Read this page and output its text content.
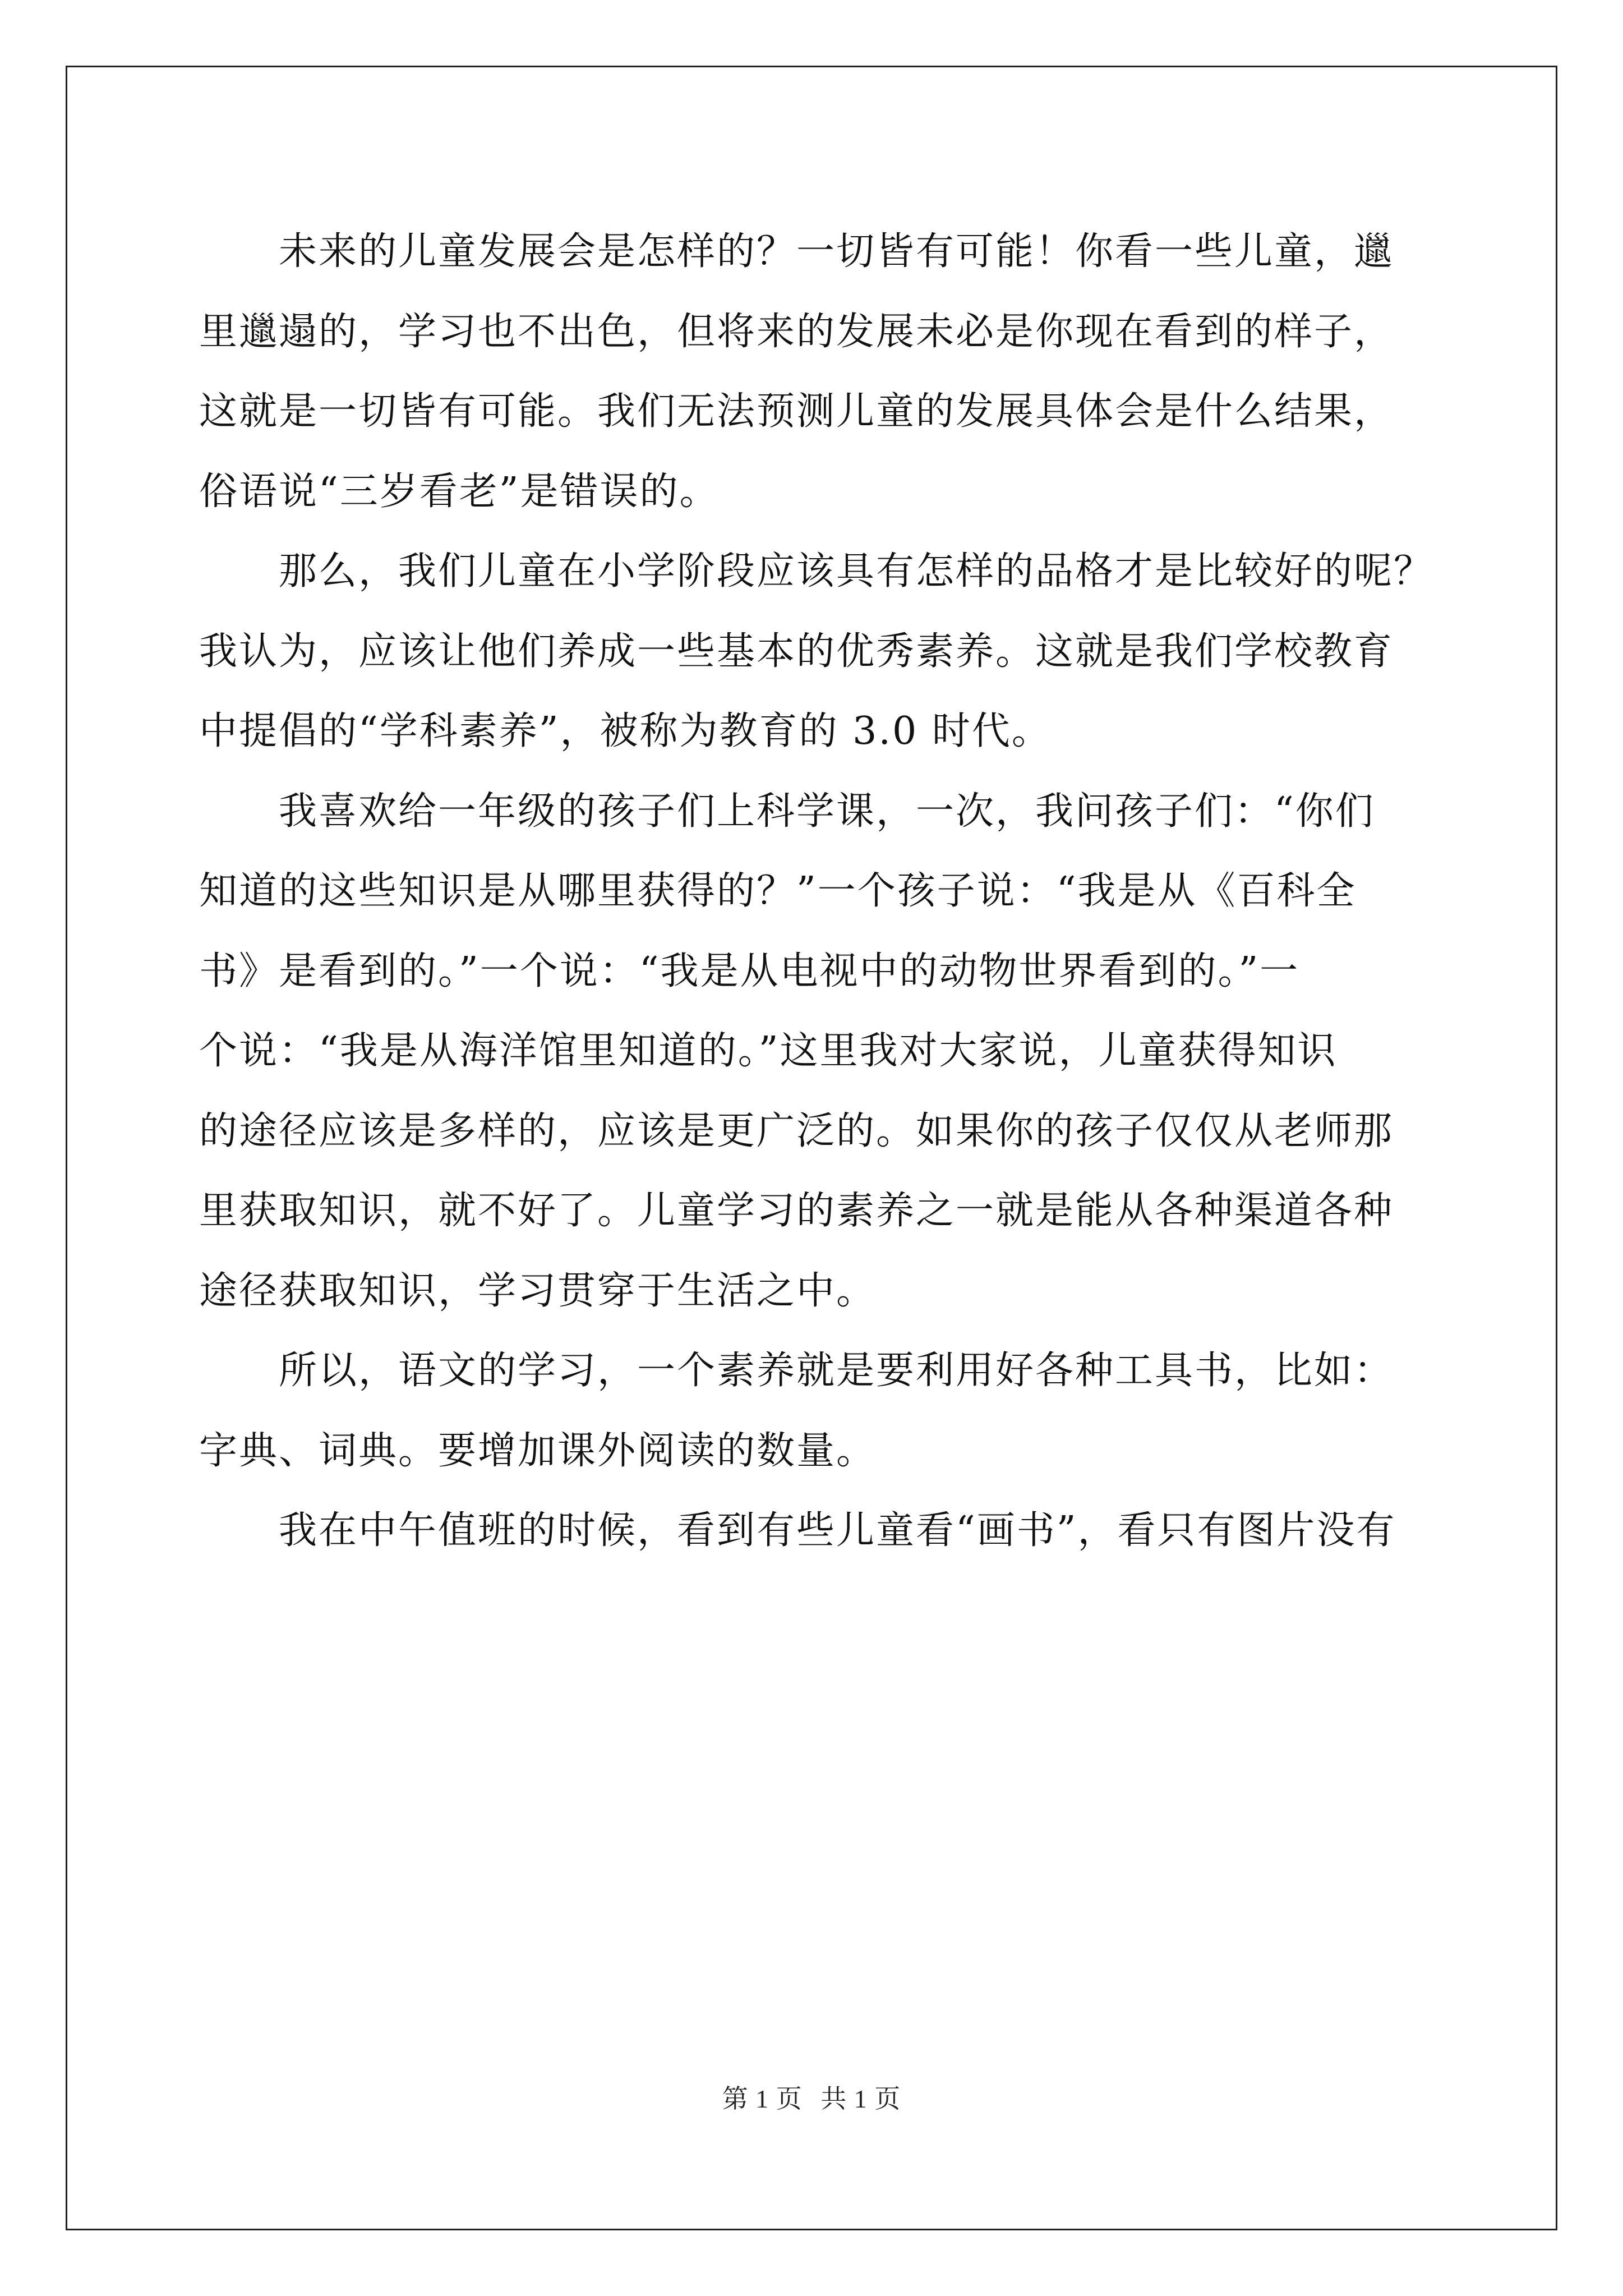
　　未来的儿童发展会是怎样的？一切皆有可能！你看一些儿童，邋
里邋遢的，学习也不出色，但将来的发展未必是你现在看到的样子，
这就是一切皆有可能。我们无法预测儿童的发展具体会是什么结果，
俗语说“三岁看老”是错误的。
　　那么，我们儿童在小学阶段应该具有怎样的品格才是比较好的呢？
我认为，应该让他们养成一些基本的优秀素养。这就是我们学校教育
中提倡的“学科素养”，被称为教育的 3.0 时代。
　　我喜欢给一年级的孩子们上科学课，一次，我问孩子们：“你们
知道的这些知识是从哪里获得的？”一个孩子说：“我是从《百科全
书》是看到的。”一个说：“我是从电视中的动物世界看到的。”一
个说：“我是从海洋馆里知道的。”这里我对大家说，儿童获得知识
的途径应该是多样的，应该是更广泛的。如果你的孩子仅仅从老师那
里获取知识，就不好了。儿童学习的素养之一就是能从各种渠道各种
途径获取知识，学习贯穿于生活之中。
　　所以，语文的学习，一个素养就是要利用好各种工具书，比如：
字典、词典。要增加课外阅读的数量。
　　我在中午值班的时候，看到有些儿童看“画书”，看只有图片没有
第 1 页 共 1 页
